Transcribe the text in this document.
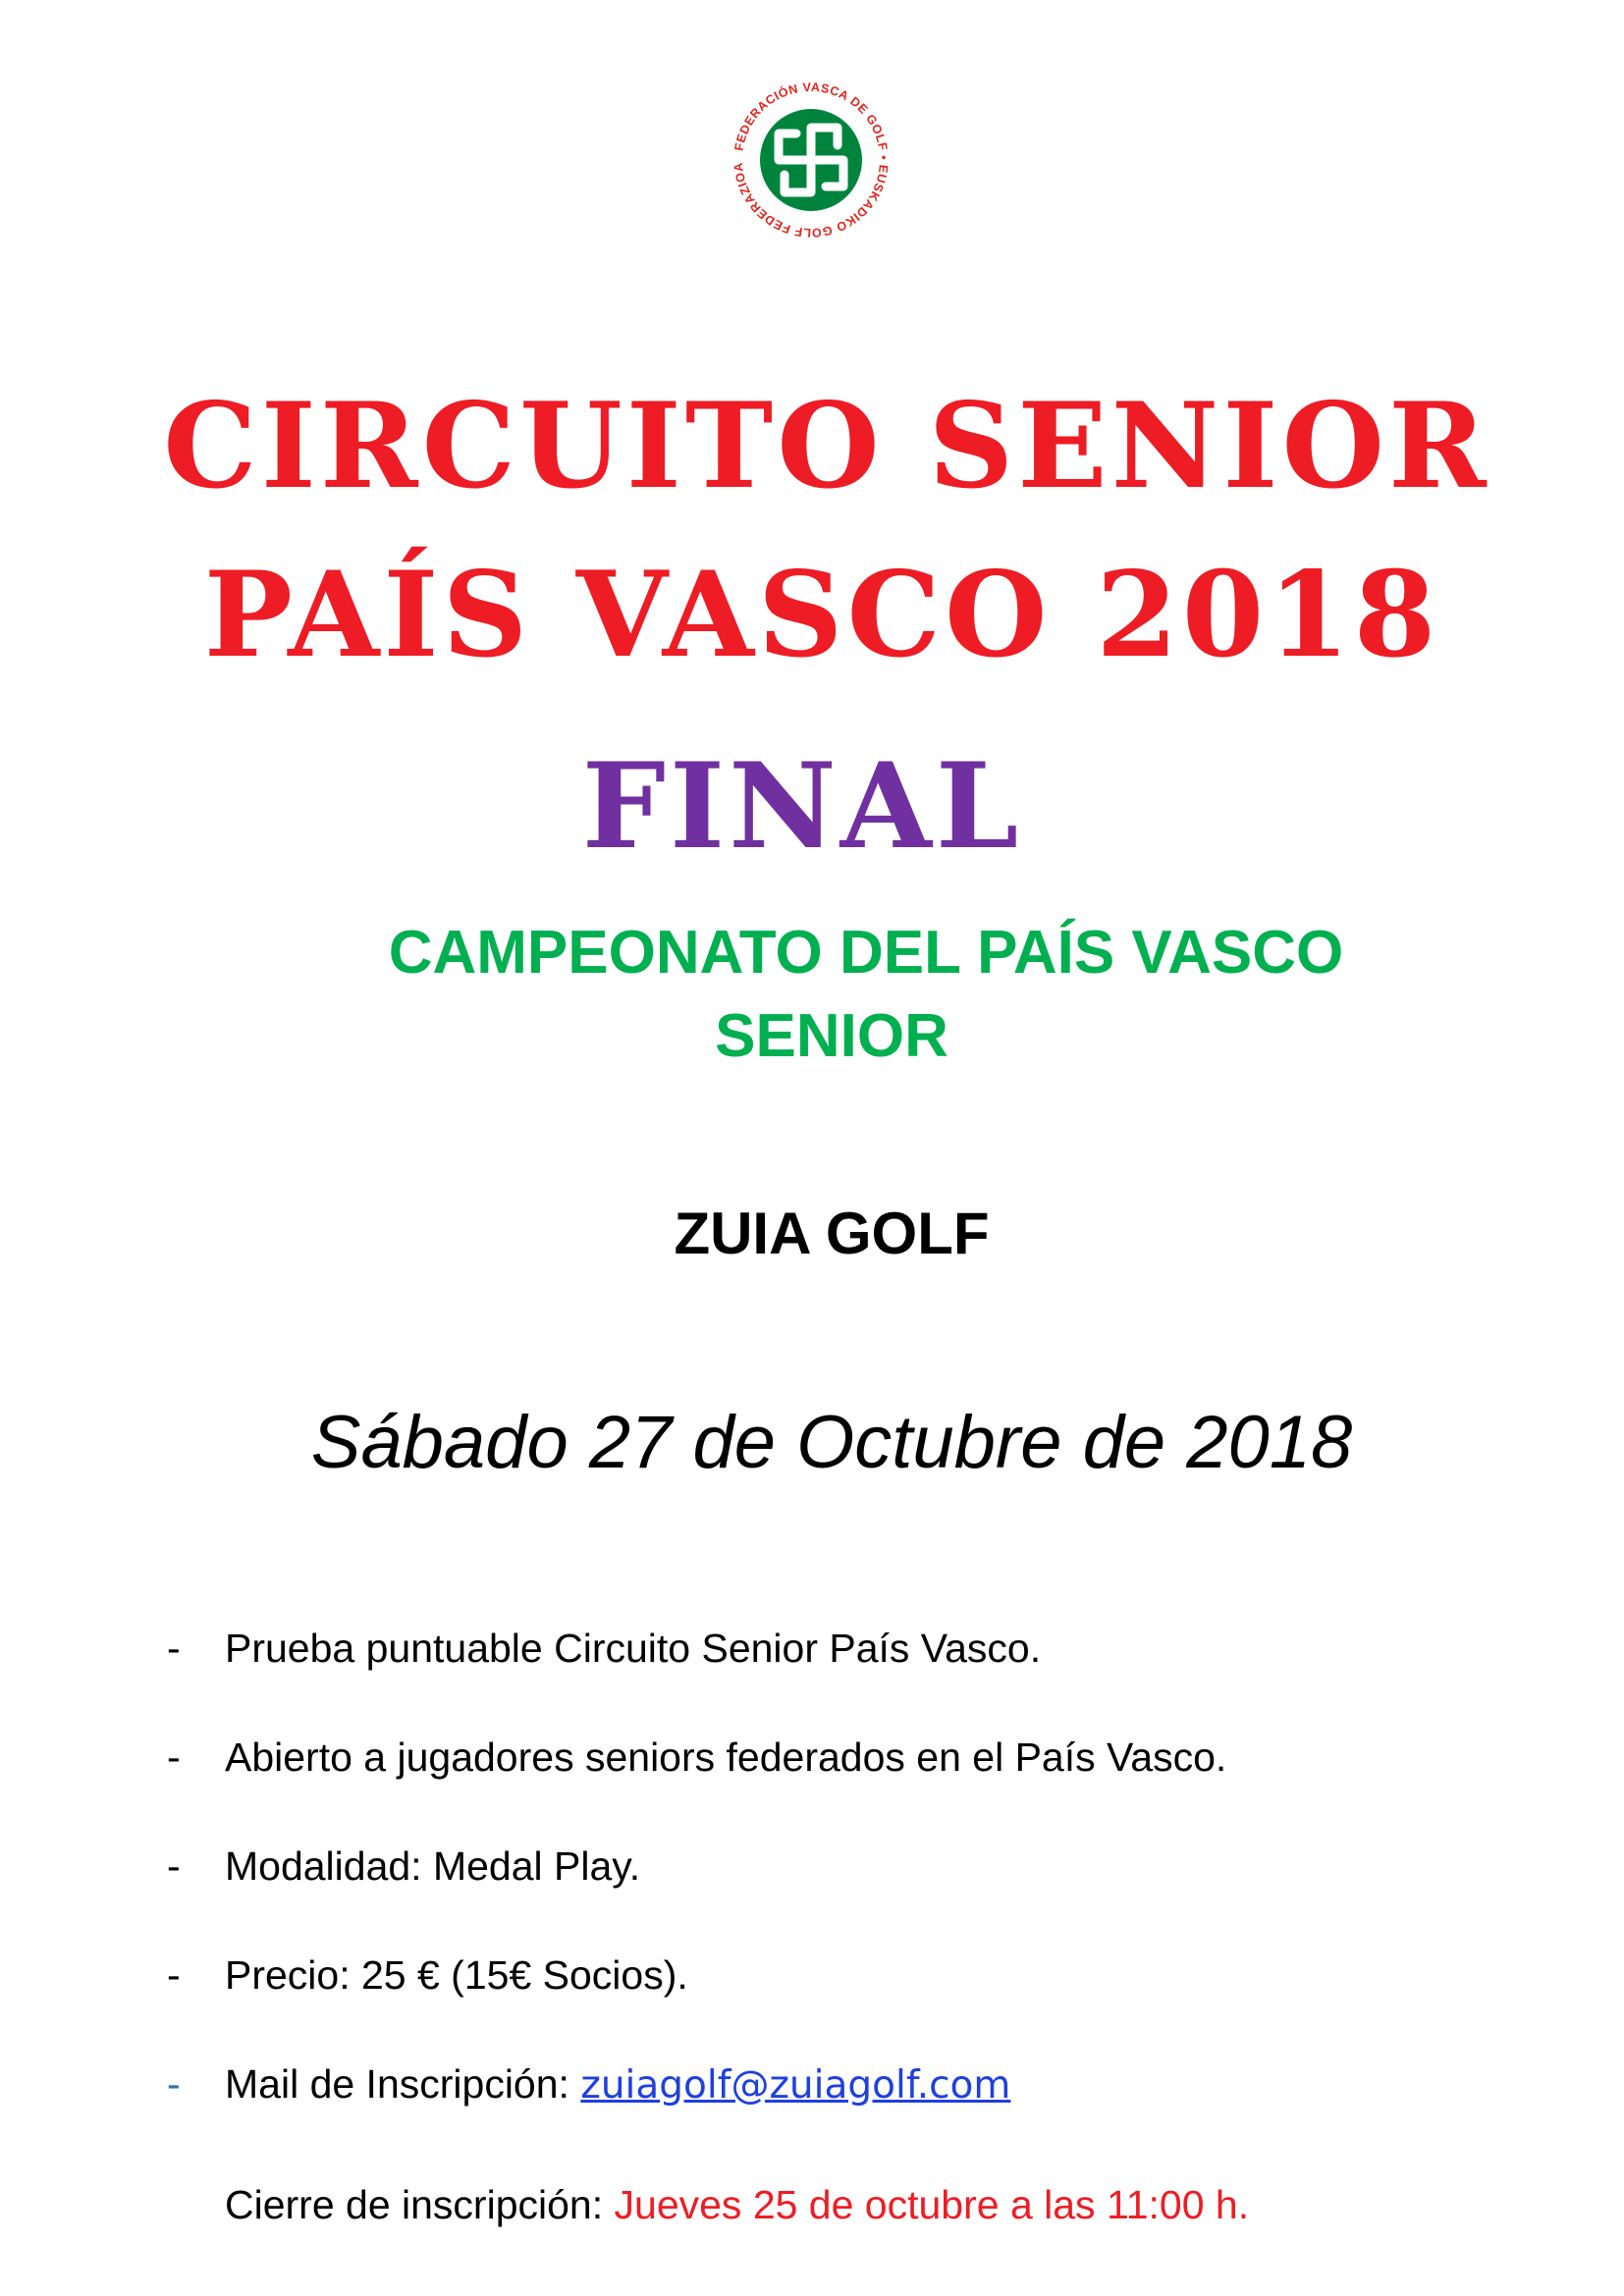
FEDERACIÓN VASCA DE GOLF • EUSKADIKO GOLF FEDERAZIOA
CIRCUITO SENIOR
PAÍS VASCO 2018
FINAL
CAMPEONATO DEL PAÍS VASCO
SENIOR
ZUIA GOLF
Sábado 27 de Octubre de 2018
-	Prueba puntuable Circuito Senior País Vasco.
-	Abierto a jugadores seniors federados en el País Vasco.
-	Modalidad: Medal Play.
-	Precio: 25 € (15€ Socios).
-	Mail de Inscripción: zuiagolf@zuiagolf.com
Cierre de inscripción: Jueves 25 de octubre a las 11:00 h.
